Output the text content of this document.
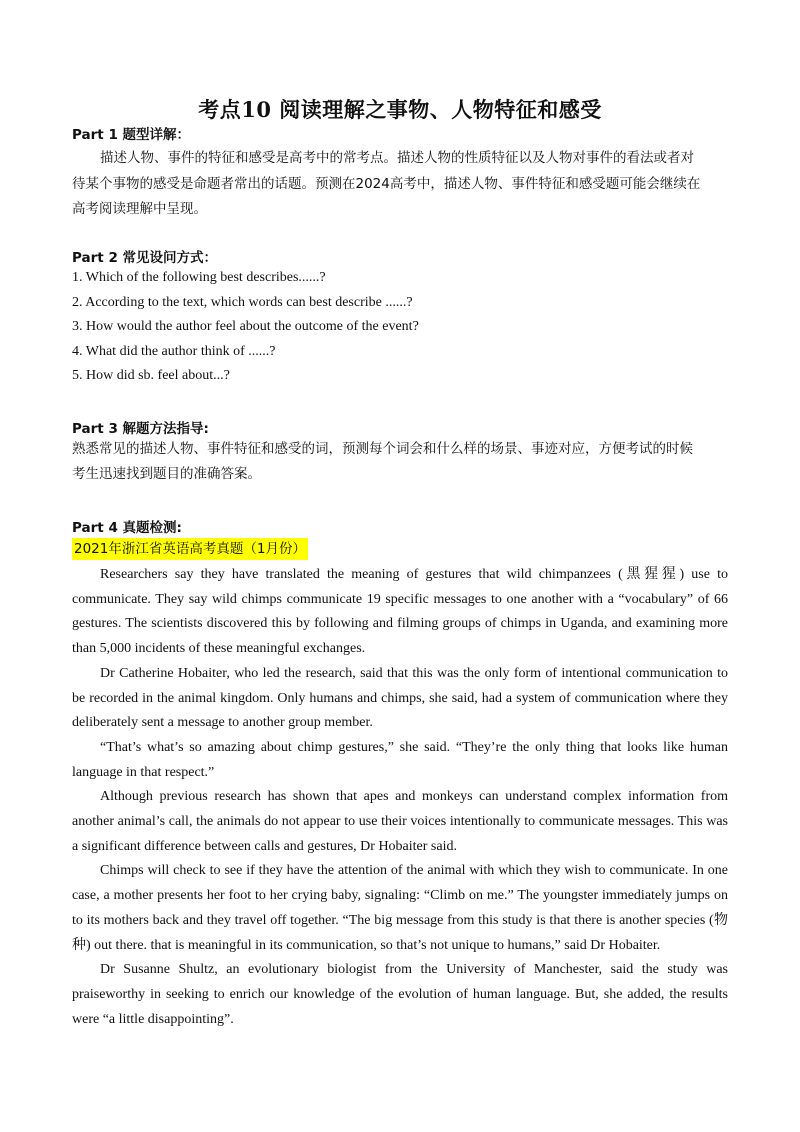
考点10 阅读理解之事物、人物特征和感受
Part 1 题型详解：
描述人物、事件的特征和感受是高考中的常考点。描述人物的性质特征以及人物对事件的看法或者对
待某个事物的感受是命题者常出的话题。预测在2024高考中，描述人物、事件特征和感受题可能会继续在
高考阅读理解中呈现。
Part 2 常见设问方式：
1. Which of the following best describes......?
2. According to the text, which words can best describe ......?
3. How would the author feel about the outcome of the event?
4. What did the author think of ......?
5. How did sb. feel about...?
Part 3 解题方法指导:
熟悉常见的描述人物、事件特征和感受的词，预测每个词会和什么样的场景、事迹对应，方便考试的时候
考生迅速找到题目的准确答案。
Part 4 真题检测:
2021年浙江省英语高考真题（1月份）

Researchers say they have translated the meaning of gestures that wild chimpanzees (黑猩猩) use to communicate. They say wild chimps communicate 19 specific messages to one another with a “vocabulary” of 66 gestures. The scientists discovered this by following and filming groups of chimps in Uganda, and examining more than 5,000 incidents of these meaningful exchanges.

Dr Catherine Hobaiter, who led the research, said that this was the only form of intentional communication to be recorded in the animal kingdom. Only humans and chimps, she said, had a system of communication where they deliberately sent a message to another group member.

“That’s what’s so amazing about chimp gestures,” she said. “They’re the only thing that looks like human language in that respect.”

Although previous research has shown that apes and monkeys can understand complex information from another animal’s call, the animals do not appear to use their voices intentionally to communicate messages. This was a significant difference between calls and gestures, Dr Hobaiter said.

Chimps will check to see if they have the attention of the animal with which they wish to communicate. In one case, a mother presents her foot to her crying baby, signaling: “Climb on me.” The youngster immediately jumps on to its mothers back and they travel off together. “The big message from this study is that there is another species (物种) out there. that is meaningful in its communication, so that’s not unique to humans,” said Dr Hobaiter.

Dr Susanne Shultz, an evolutionary biologist from the University of Manchester, said the study was praiseworthy in seeking to enrich our knowledge of the evolution of human language. But, she added, the results were “a little disappointing”.
